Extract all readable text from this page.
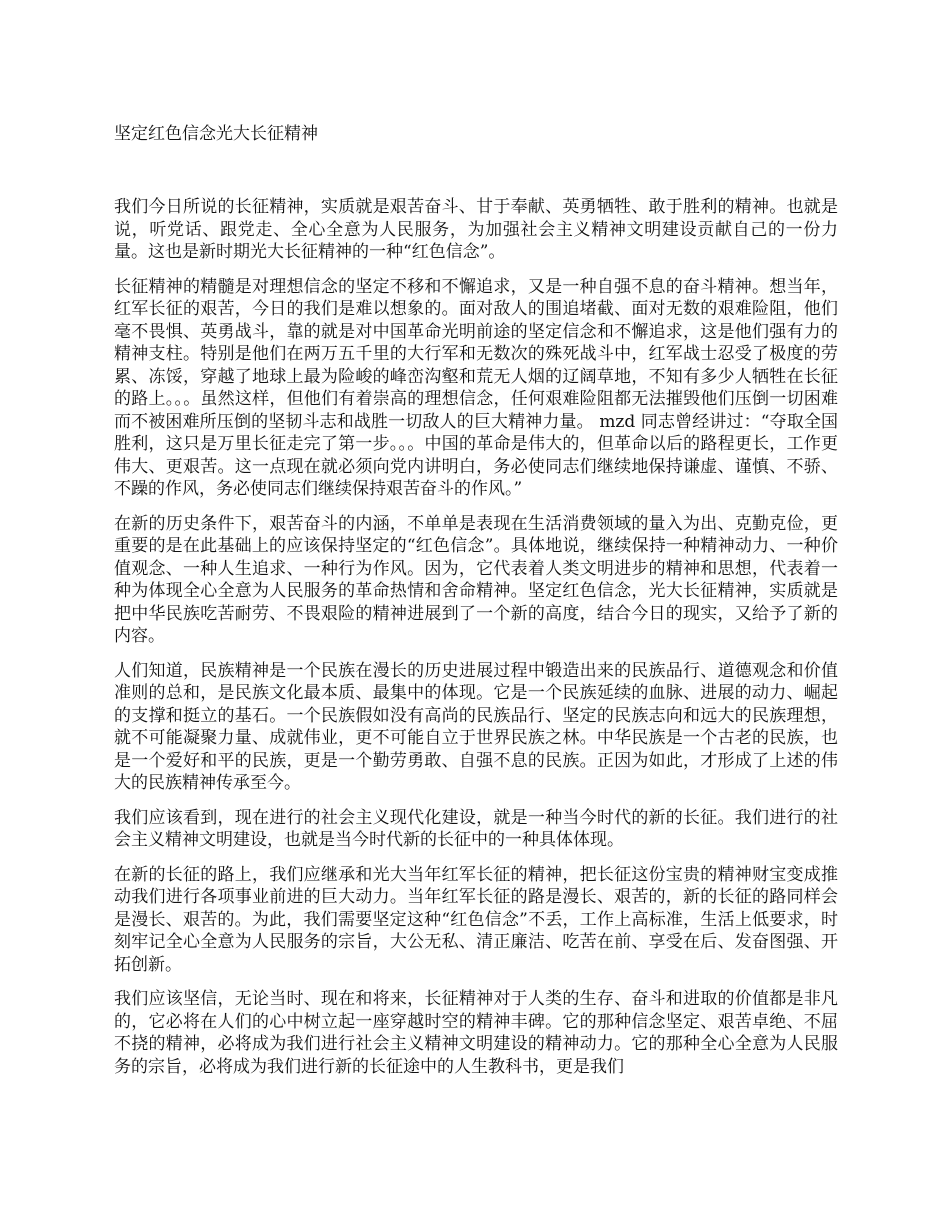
坚定红色信念光大长征精神

我们今日所说的长征精神，实质就是艰苦奋斗、甘于奉献、英勇牺牲、敢于胜利的精神。也就是说，听党话、跟党走、全心全意为人民服务，为加强社会主义精神文明建设贡献自己的一份力量。这也是新时期光大长征精神的一种“红色信念”。

长征精神的精髓是对理想信念的坚定不移和不懈追求，又是一种自强不息的奋斗精神。想当年，红军长征的艰苦，今日的我们是难以想象的。面对敌人的围追堵截、面对无数的艰难险阻，他们毫不畏惧、英勇战斗，靠的就是对中国革命光明前途的坚定信念和不懈追求，这是他们强有力的精神支柱。特别是他们在两万五千里的大行军和无数次的殊死战斗中，红军战士忍受了极度的劳累、冻馁，穿越了地球上最为险峻的峰峦沟壑和荒无人烟的辽阔草地，不知有多少人牺牲在长征的路上。。。虽然这样，但他们有着崇高的理想信念，任何艰难险阻都无法摧毁他们压倒一切困难而不被困难所压倒的坚韧斗志和战胜一切敌人的巨大精神力量。 mzd 同志曾经讲过：“夺取全国胜利，这只是万里长征走完了第一步。。。中国的革命是伟大的，但革命以后的路程更长，工作更伟大、更艰苦。这一点现在就必须向党内讲明白，务必使同志们继续地保持谦虚、谨慎、不骄、不躁的作风，务必使同志们继续保持艰苦奋斗的作风。”

在新的历史条件下，艰苦奋斗的内涵，不单单是表现在生活消费领域的量入为出、克勤克俭，更重要的是在此基础上的应该保持坚定的“红色信念”。具体地说，继续保持一种精神动力、一种价值观念、一种人生追求、一种行为作风。因为，它代表着人类文明进步的精神和思想，代表着一种为体现全心全意为人民服务的革命热情和舍命精神。坚定红色信念，光大长征精神，实质就是把中华民族吃苦耐劳、不畏艰险的精神进展到了一个新的高度，结合今日的现实，又给予了新的内容。

人们知道，民族精神是一个民族在漫长的历史进展过程中锻造出来的民族品行、道德观念和价值准则的总和，是民族文化最本质、最集中的体现。它是一个民族延续的血脉、进展的动力、崛起的支撑和挺立的基石。一个民族假如没有高尚的民族品行、坚定的民族志向和远大的民族理想，就不可能凝聚力量、成就伟业，更不可能自立于世界民族之林。中华民族是一个古老的民族，也是一个爱好和平的民族，更是一个勤劳勇敢、自强不息的民族。正因为如此，才形成了上述的伟大的民族精神传承至今。

我们应该看到，现在进行的社会主义现代化建设，就是一种当今时代的新的长征。我们进行的社会主义精神文明建设，也就是当今时代新的长征中的一种具体体现。

在新的长征的路上，我们应继承和光大当年红军长征的精神，把长征这份宝贵的精神财宝变成推动我们进行各项事业前进的巨大动力。当年红军长征的路是漫长、艰苦的，新的长征的路同样会是漫长、艰苦的。为此，我们需要坚定这种“红色信念”不丢，工作上高标准，生活上低要求，时刻牢记全心全意为人民服务的宗旨，大公无私、清正廉洁、吃苦在前、享受在后、发奋图强、开拓创新。

我们应该坚信，无论当时、现在和将来，长征精神对于人类的生存、奋斗和进取的价值都是非凡的，它必将在人们的心中树立起一座穿越时空的精神丰碑。它的那种信念坚定、艰苦卓绝、不屈不挠的精神，必将成为我们进行社会主义精神文明建设的精神动力。它的那种全心全意为人民服务的宗旨，必将成为我们进行新的长征途中的人生教科书，更是我们
